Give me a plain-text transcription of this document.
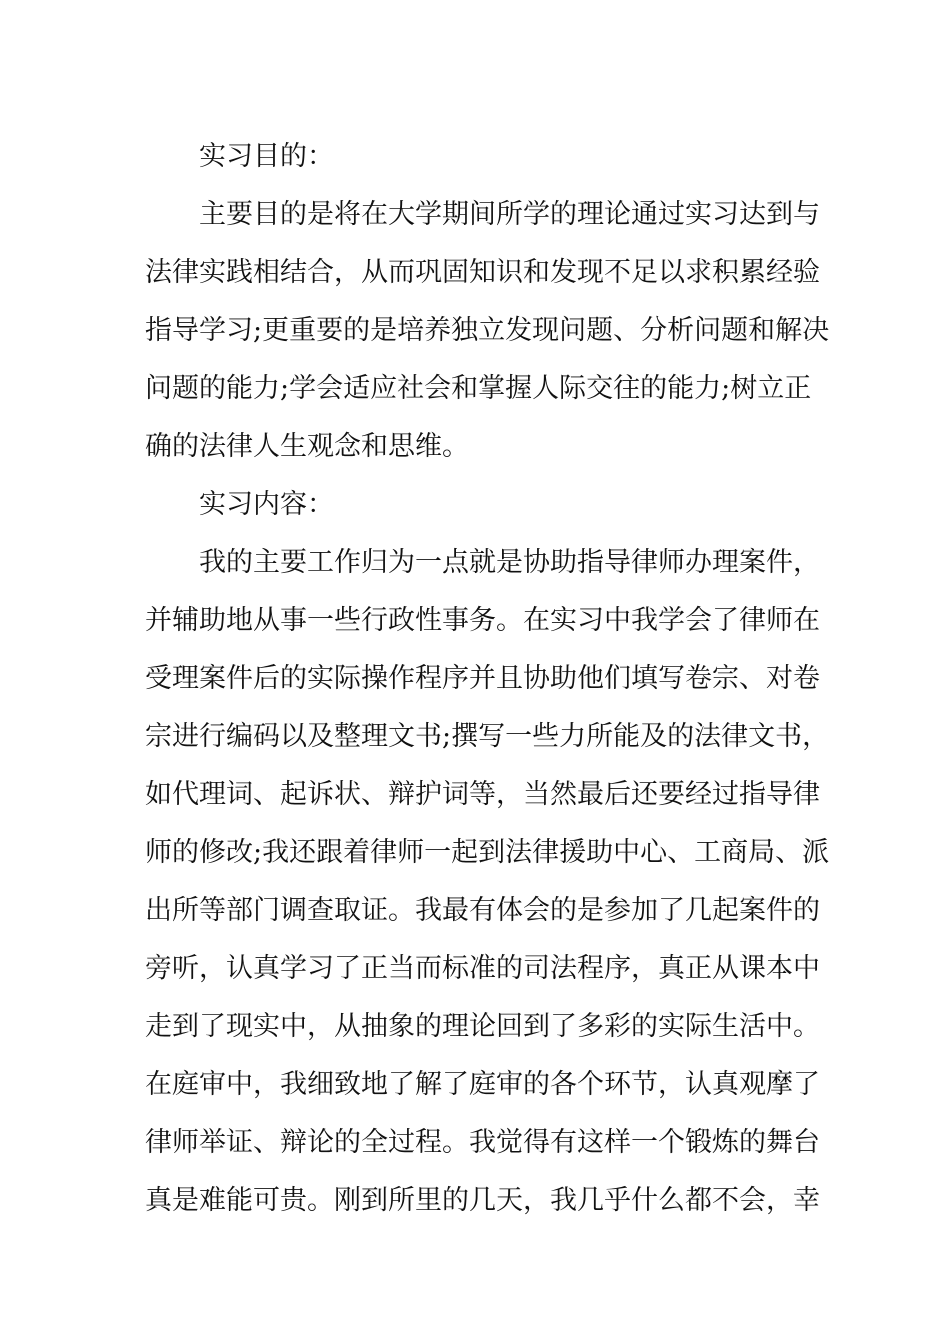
实习目的：

主要目的是将在大学期间所学的理论通过实习达到与

法律实践相结合，从而巩固知识和发现不足以求积累经验

指导学习;更重要的是培养独立发现问题、分析问题和解决

问题的能力;学会适应社会和掌握人际交往的能力;树立正

确的法律人生观念和思维。

实习内容：

我的主要工作归为一点就是协助指导律师办理案件，

并辅助地从事一些行政性事务。在实习中我学会了律师在

受理案件后的实际操作程序并且协助他们填写卷宗、对卷

宗进行编码以及整理文书;撰写一些力所能及的法律文书，

如代理词、起诉状、辩护词等，当然最后还要经过指导律

师的修改;我还跟着律师一起到法律援助中心、工商局、派

出所等部门调查取证。我最有体会的是参加了几起案件的

旁听，认真学习了正当而标准的司法程序，真正从课本中

走到了现实中，从抽象的理论回到了多彩的实际生活中。

在庭审中，我细致地了解了庭审的各个环节，认真观摩了

律师举证、辩论的全过程。我觉得有这样一个锻炼的舞台

真是难能可贵。刚到所里的几天，我几乎什么都不会，幸
